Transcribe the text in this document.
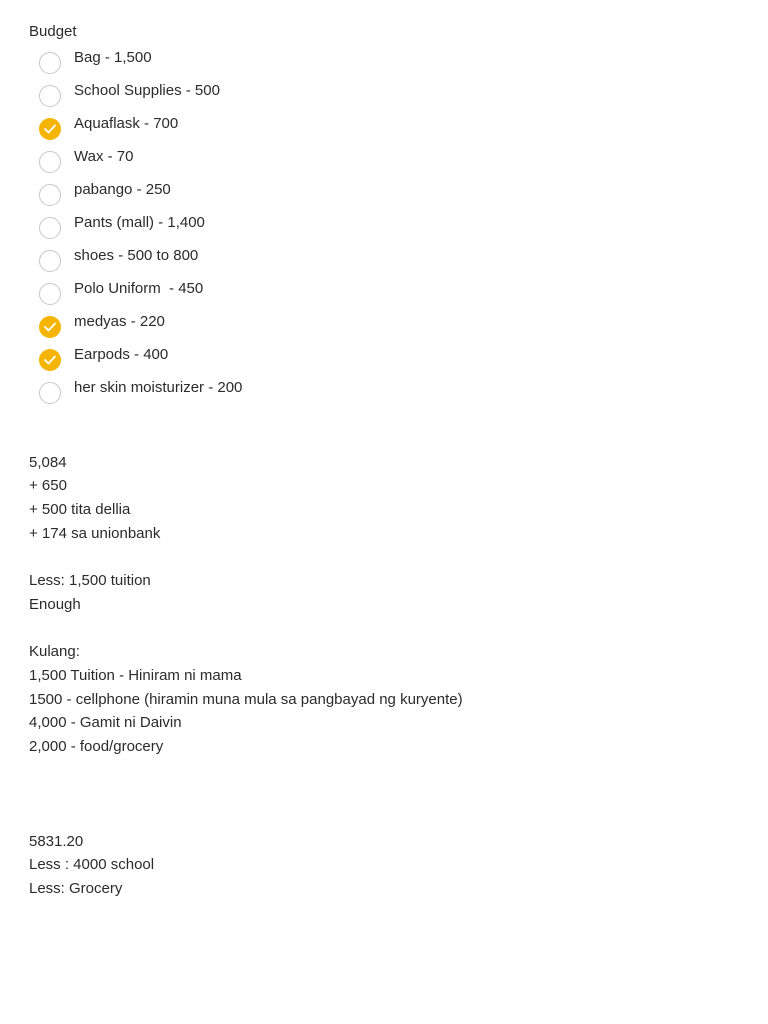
Budget
Bag - 1,500
School Supplies - 500
Aquaflask - 700
Wax - 70
pabango - 250
Pants (mall) - 1,400
shoes - 500 to 800
Polo Uniform  - 450
medyas - 220
Earpods - 400
her skin moisturizer - 200
5,084
+ 650
+ 500 tita dellia
+ 174 sa unionbank
Less: 1,500 tuition
Enough
Kulang:
1,500 Tuition - Hiniram ni mama
1500 - cellphone (hiramin muna mula sa pangbayad ng kuryente)
4,000 - Gamit ni Daivin
2,000 - food/grocery
5831.20
Less : 4000 school
Less: Grocery
